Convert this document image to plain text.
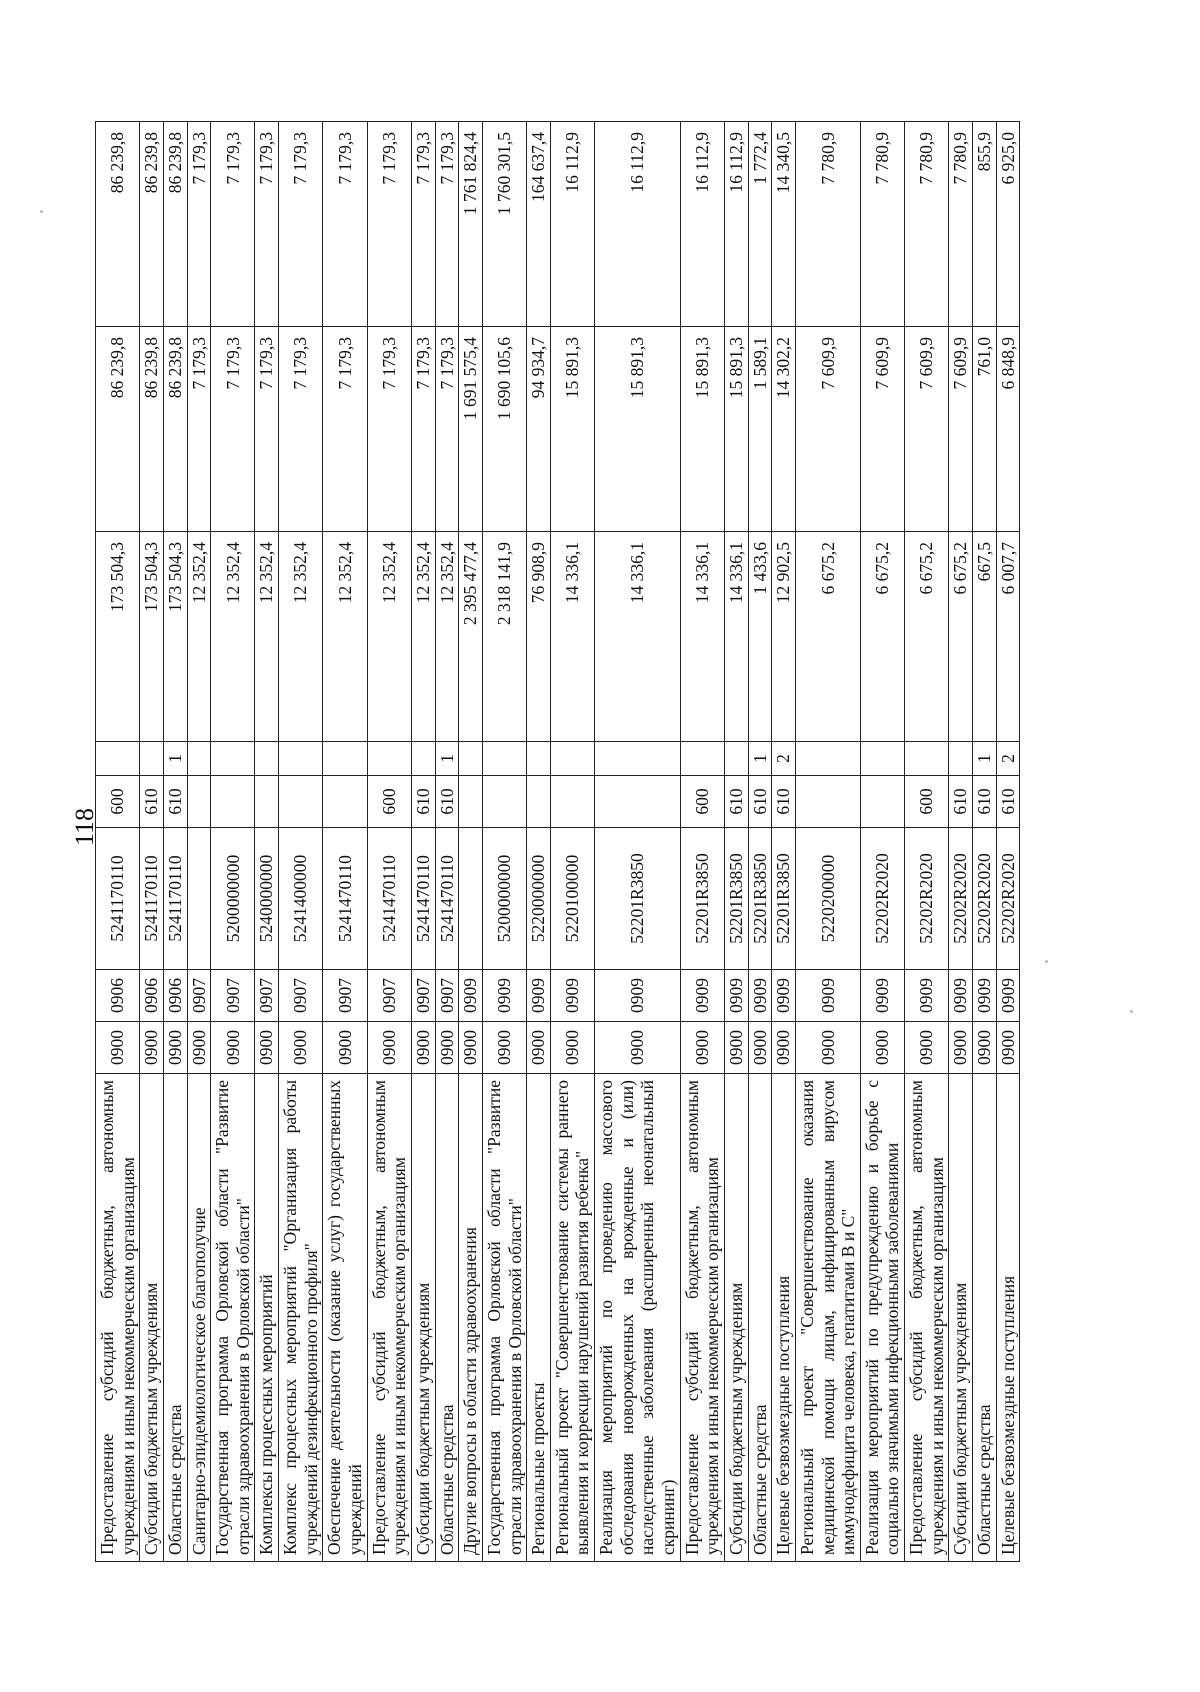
118
Предоставление субсидий бюджетным, автономным учреждениям и иным некоммерческим организациям	0900	0906	5241170110	600		173 504,3	86 239,8	86 239,8
Субсидии бюджетным учреждениям	0900	0906	5241170110	610		173 504,3	86 239,8	86 239,8
Областные средства	0900	0906	5241170110	610	1	173 504,3	86 239,8	86 239,8
Санитарно-эпидемиологическое благополучие	0900	0907				12 352,4	7 179,3	7 179,3
Государственная программа Орловской области "Развитие отрасли здравоохранения в Орловской области"	0900	0907	5200000000			12 352,4	7 179,3	7 179,3
Комплексы процессных мероприятий	0900	0907	5240000000			12 352,4	7 179,3	7 179,3
Комплекс процессных мероприятий "Организация работы учреждений дезинфекционного профиля"	0900	0907	5241400000			12 352,4	7 179,3	7 179,3
Обеспечение деятельности (оказание услуг) государственных учреждений	0900	0907	5241470110			12 352,4	7 179,3	7 179,3
Предоставление субсидий бюджетным, автономным учреждениям и иным некоммерческим организациям	0900	0907	5241470110	600		12 352,4	7 179,3	7 179,3
Субсидии бюджетным учреждениям	0900	0907	5241470110	610		12 352,4	7 179,3	7 179,3
Областные средства	0900	0907	5241470110	610	1	12 352,4	7 179,3	7 179,3
Другие вопросы в области здравоохранения	0900	0909				2 395 477,4	1 691 575,4	1 761 824,4
Государственная программа Орловской области "Развитие отрасли здравоохранения в Орловской области"	0900	0909	5200000000			2 318 141,9	1 690 105,6	1 760 301,5
Региональные проекты	0900	0909	5220000000			76 908,9	94 934,7	164 637,4
Региональный проект "Совершенствование системы раннего выявления и коррекции нарушений развития ребенка"	0900	0909	5220100000			14 336,1	15 891,3	16 112,9
Реализация мероприятий по проведению массового обследования новорожденных на врожденные и (или) наследственные заболевания (расширенный неонатальный скрининг)	0900	0909	52201R3850			14 336,1	15 891,3	16 112,9
Предоставление субсидий бюджетным, автономным учреждениям и иным некоммерческим организациям	0900	0909	52201R3850	600		14 336,1	15 891,3	16 112,9
Субсидии бюджетным учреждениям	0900	0909	52201R3850	610		14 336,1	15 891,3	16 112,9
Областные средства	0900	0909	52201R3850	610	1	1 433,6	1 589,1	1 772,4
Целевые безвозмездные поступления	0900	0909	52201R3850	610	2	12 902,5	14 302,2	14 340,5
Региональный проект "Совершенствование оказания медицинской помощи лицам, инфицированным вирусом иммунодефицита человека, гепатитами В и С"	0900	0909	5220200000			6 675,2	7 609,9	7 780,9
Реализация мероприятий по предупреждению и борьбе с социально значимыми инфекционными заболеваниями	0900	0909	52202R2020			6 675,2	7 609,9	7 780,9
Предоставление субсидий бюджетным, автономным учреждениям и иным некоммерческим организациям	0900	0909	52202R2020	600		6 675,2	7 609,9	7 780,9
Субсидии бюджетным учреждениям	0900	0909	52202R2020	610		6 675,2	7 609,9	7 780,9
Областные средства	0900	0909	52202R2020	610	1	667,5	761,0	855,9
Целевые безвозмездные поступления	0900	0909	52202R2020	610	2	6 007,7	6 848,9	6 925,0
